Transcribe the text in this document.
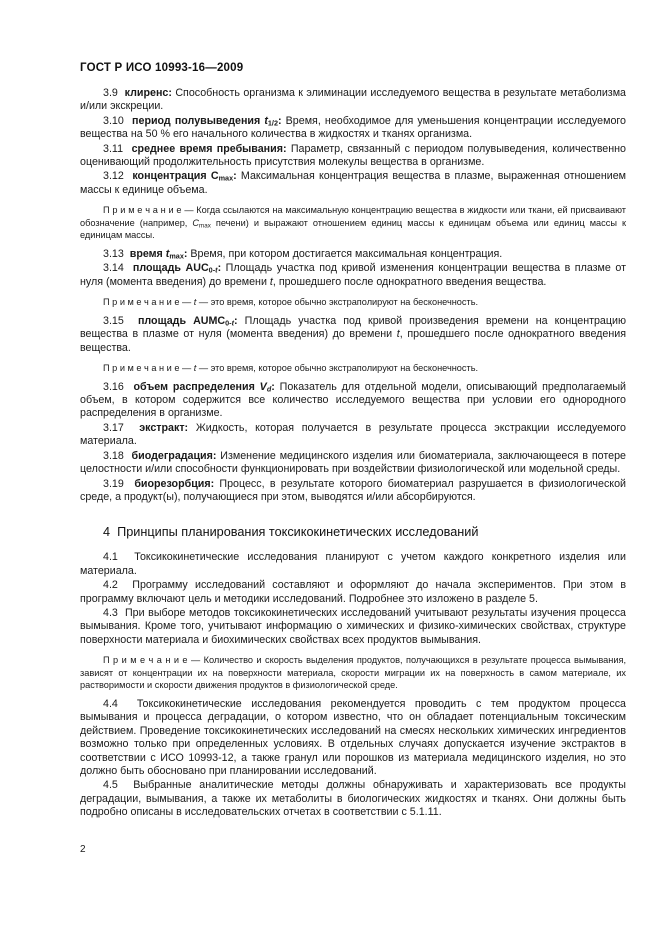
ГОСТ Р ИСО 10993-16—2009

3.9  клиренс: Способность организма к элиминации исследуемого вещества в результате метаболизма и/или экскреции.

3.10  период полувыведения $t_{1/2}$: Время, необходимое для уменьшения концентрации исследуемого вещества на 50 % его начального количества в жидкостях и тканях организма.

3.11  среднее время пребывания: Параметр, связанный с периодом полувыведения, количественно оценивающий продолжительность присутствия молекулы вещества в организме.

3.12  концентрация $C_{max}$: Максимальная концентрация вещества в плазме, выраженная отношением массы к единице объема.

П р и м е ч а н и е — Когда ссылаются на максимальную концентрацию вещества в жидкости или ткани, ей присваивают обозначение (например, $C_{max}$ печени) и выражают отношением единиц массы к единицам объема или единиц массы к единицам массы.

3.13  время $t_{max}$: Время, при котором достигается максимальная концентрация.

3.14  площадь $AUC_{0-t}$: Площадь участка под кривой изменения концентрации вещества в плазме от нуля (момента введения) до времени t, прошедшего после однократного введения вещества.

П р и м е ч а н и е — t — это время, которое обычно экстраполируют на бесконечность.

3.15  площадь $AUMC_{0-t}$: Площадь участка под кривой произведения времени на концентрацию вещества в плазме от нуля (момента введения) до времени t, прошедшего после однократного введения вещества.

П р и м е ч а н и е — t — это время, которое обычно экстраполируют на бесконечность.

3.16  объем распределения $V_d$: Показатель для отдельной модели, описывающий предполагаемый объем, в котором содержится все количество исследуемого вещества при условии его однородного распределения в организме.

3.17  экстракт: Жидкость, которая получается в результате процесса экстракции исследуемого материала.

3.18  биодеградация: Изменение медицинского изделия или биоматериала, заключающееся в потере целостности и/или способности функционировать при воздействии физиологической или модельной среды.

3.19  биорезорбция: Процесс, в результате которого биоматериал разрушается в физиологической среде, а продукт(ы), получающиеся при этом, выводятся и/или абсорбируются.

4  Принципы планирования токсикокинетических исследований

4.1  Токсикокинетические исследования планируют с учетом каждого конкретного изделия или материала.

4.2  Программу исследований составляют и оформляют до начала экспериментов. При этом в программу включают цель и методики исследований. Подробнее это изложено в разделе 5.

4.3  При выборе методов токсикокинетических исследований учитывают результаты изучения процесса вымывания. Кроме того, учитывают информацию о химических и физико-химических свойствах, структуре поверхности материала и биохимических свойствах всех продуктов вымывания.

П р и м е ч а н и е — Количество и скорость выделения продуктов, получающихся в результате процесса вымывания, зависят от концентрации их на поверхности материала, скорости миграции их на поверхность в самом материале, их растворимости и скорости движения продуктов в физиологической среде.

4.4  Токсикокинетические исследования рекомендуется проводить с тем продуктом процесса вымывания и процесса деградации, о котором известно, что он обладает потенциальным токсическим действием. Проведение токсикокинетических исследований на смесях нескольких химических ингредиентов возможно только при определенных условиях. В отдельных случаях допускается изучение экстрактов в соответствии с ИСО 10993-12, а также гранул или порошков из материала медицинского изделия, но это должно быть обосновано при планировании исследований.

4.5  Выбранные аналитические методы должны обнаруживать и характеризовать все продукты деградации, вымывания, а также их метаболиты в биологических жидкостях и тканях. Они должны быть подробно описаны в исследовательских отчетах в соответствии с 5.1.11.

2
